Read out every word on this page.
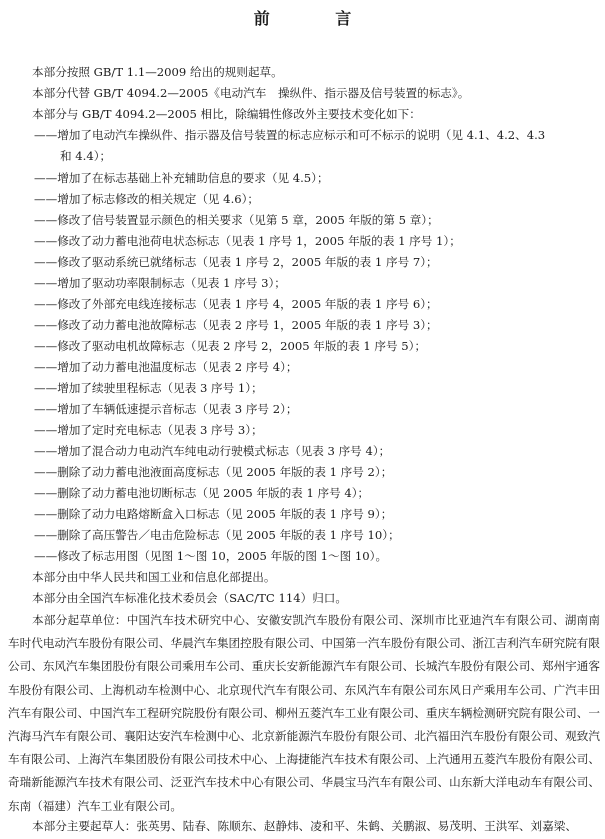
前 言
本部分按照 GB/T 1.1—2009 给出的规则起草。
本部分代替 GB/T 4094.2—2005《电动汽车　操纵件、指示器及信号装置的标志》。
本部分与 GB/T 4094.2—2005 相比，除编辑性修改外主要技术变化如下：
——增加了电动汽车操纵件、指示器及信号装置的标志应标示和可不标示的说明（见 4.1、4.2、4.3
和 4.4）；
——增加了在标志基础上补充辅助信息的要求（见 4.5）；
——增加了标志修改的相关规定（见 4.6）；
——修改了信号装置显示颜色的相关要求（见第 5 章，2005 年版的第 5 章）；
——修改了动力蓄电池荷电状态标志（见表 1 序号 1，2005 年版的表 1 序号 1）；
——修改了驱动系统已就绪标志（见表 1 序号 2，2005 年版的表 1 序号 7）；
——增加了驱动功率限制标志（见表 1 序号 3）；
——修改了外部充电线连接标志（见表 1 序号 4，2005 年版的表 1 序号 6）；
——修改了动力蓄电池故障标志（见表 2 序号 1，2005 年版的表 1 序号 3）；
——修改了驱动电机故障标志（见表 2 序号 2，2005 年版的表 1 序号 5）；
——增加了动力蓄电池温度标志（见表 2 序号 4）；
——增加了续驶里程标志（见表 3 序号 1）；
——增加了车辆低速提示音标志（见表 3 序号 2）；
——增加了定时充电标志（见表 3 序号 3）；
——增加了混合动力电动汽车纯电动行驶模式标志（见表 3 序号 4）；
——删除了动力蓄电池液面高度标志（见 2005 年版的表 1 序号 2）；
——删除了动力蓄电池切断标志（见 2005 年版的表 1 序号 4）；
——删除了动力电路熔断盒入口标志（见 2005 年版的表 1 序号 9）；
——删除了高压警告／电击危险标志（见 2005 年版的表 1 序号 10）；
——修改了标志用图（见图 1～图 10，2005 年版的图 1～图 10）。
本部分由中华人民共和国工业和信息化部提出。
本部分由全国汽车标准化技术委员会（SAC/TC 114）归口。
本部分起草单位：中国汽车技术研究中心、安徽安凯汽车股份有限公司、深圳市比亚迪汽车有限公司、湖南南车时代电动汽车股份有限公司、华晨汽车集团控股有限公司、中国第一汽车股份有限公司、浙江吉利汽车研究院有限公司、东风汽车集团股份有限公司乘用车公司、重庆长安新能源汽车有限公司、长城汽车股份有限公司、郑州宇通客车股份有限公司、上海机动车检测中心、北京现代汽车有限公司、东风汽车有限公司东风日产乘用车公司、广汽丰田汽车有限公司、中国汽车工程研究院股份有限公司、柳州五菱汽车工业有限公司、重庆车辆检测研究院有限公司、一汽海马汽车有限公司、襄阳达安汽车检测中心、北京新能源汽车股份有限公司、北汽福田汽车股份有限公司、观致汽车有限公司、上海汽车集团股份有限公司技术中心、上海捷能汽车技术有限公司、上汽通用五菱汽车股份有限公司、奇瑞新能源汽车技术有限公司、泛亚汽车技术中心有限公司、华晨宝马汽车有限公司、山东新大洋电动车有限公司、东南（福建）汽车工业有限公司。
本部分主要起草人：张英男、陆春、陈顺东、赵静炜、凌和平、朱鹤、关鹏淑、易茂明、王洪军、刘嘉梁、
